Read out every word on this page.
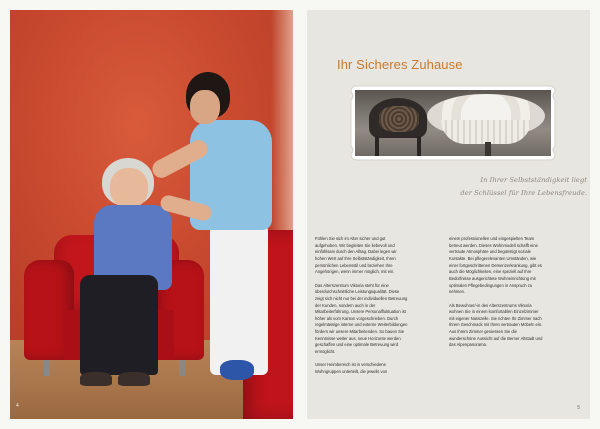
4
Ihr Sicheres Zuhause

In Ihrer Selbstständigkeit liegt
der Schlüssel für Ihre Lebensfreude.

Fühlen Sie sich im Alter sicher und gut aufgehoben. Wir begleiten Sie liebevoll und einfühlsam durch den Alltag. Dabei legen wir hohen Wert auf Ihre Selbstständigkeit, Ihren persönlichen Lebensstil und beziehen Ihre Angehörigen, wenn immer möglich, mit ein.

Das Alterszentrum Viktoria steht für eine überdurchschnittliche Leistungsqualität. Diese zeigt sich nicht nur bei der individuellen Betreuung der Kunden, sondern auch in der Mitarbeiterführung. Unsere Personalfluktuation ist höher als vom Kanton vorgeschrieben. Durch regelmässige interne und externe Weiterbildungen fördern wir unsere Mitarbeitenden. So bauen Sie Kenntnisse weiter aus, neue Horizonte werden geschaffen und eine optimale Betreuung wird ermöglicht.

Unser Heimbereich ist in verschiedene Wohngruppen unterteilt, die jeweils von

einem professionellen und eingespielten Team betreut werden. Dieses Wohnmodell schafft eine vertraute Atmosphäre und begünstigt soziale Kontakte. Bei pflegerelevanten Umständen, wie einer fortgeschrittenen Demenzerkrankung, gibt es auch die Möglichkeiten, eine speziell auf Ihre Bedürfnisse ausgerichtete Wohneinrichtung mit optimalen Pflegebedingungen in Anspruch zu nehmen.

Als Bewohner/-in des Alterszentrums Viktoria wohnen Sie in einem komfortablen Einzelzimmer mit eigener Nasszelle. Sie richten Ihr Zimmer nach Ihrem Geschmack mit Ihren vertrauten Möbeln ein. Aus Ihrem Zimmer geniessen Sie die wunderschöne Aussicht auf die Berner Altstadt und das Alpenpanorama.

5
